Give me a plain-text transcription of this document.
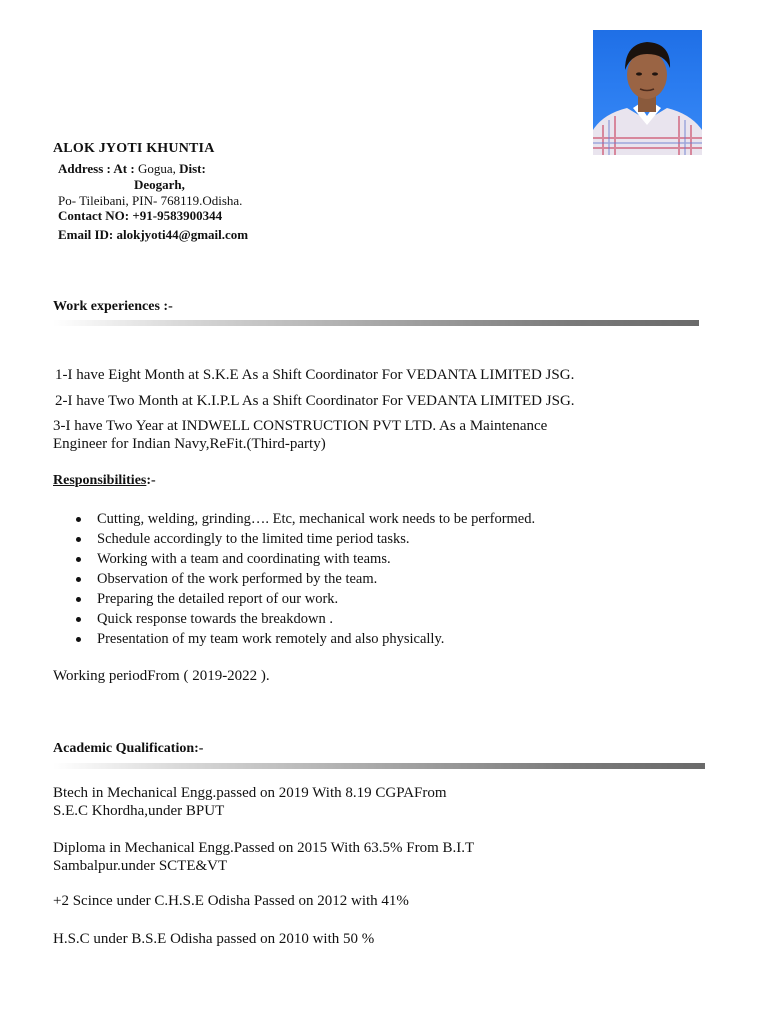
ALOK JYOTI KHUNTIA
Address : At : Gogua, Dist:
Deogarh,
Po- Tileibani, PIN- 768119.Odisha.
Contact NO: +91-9583900344
Email ID: alokjyoti44@gmail.com
Work experiences :-
1-I have Eight Month at S.K.E As a Shift Coordinator For VEDANTA LIMITED JSG.
2-I have Two Month at K.I.P.L As a Shift Coordinator For VEDANTA LIMITED JSG.
3-I have Two Year at INDWELL CONSTRUCTION PVT LTD. As a Maintenance
Engineer for Indian Navy,ReFit.(Third-party)
Responsibilities:-
Cutting, welding, grinding…. Etc, mechanical work needs to be performed.
Schedule accordingly to the limited time period tasks.
Working with a team and coordinating with teams.
Observation of the work performed by the team.
Preparing the detailed report of our work.
Quick response towards the breakdown .
Presentation of my team work remotely and also physically.
Working periodFrom ( 2019-2022 ).
Academic Qualification:-
Btech in Mechanical Engg.passed on 2019 With 8.19 CGPAFrom
S.E.C Khordha,under BPUT
Diploma in Mechanical Engg.Passed on 2015 With 63.5% From B.I.T
Sambalpur.under SCTE&VT
+2 Scince under C.H.S.E Odisha Passed on 2012 with 41%
H.S.C under B.S.E Odisha passed on 2010 with 50 %
